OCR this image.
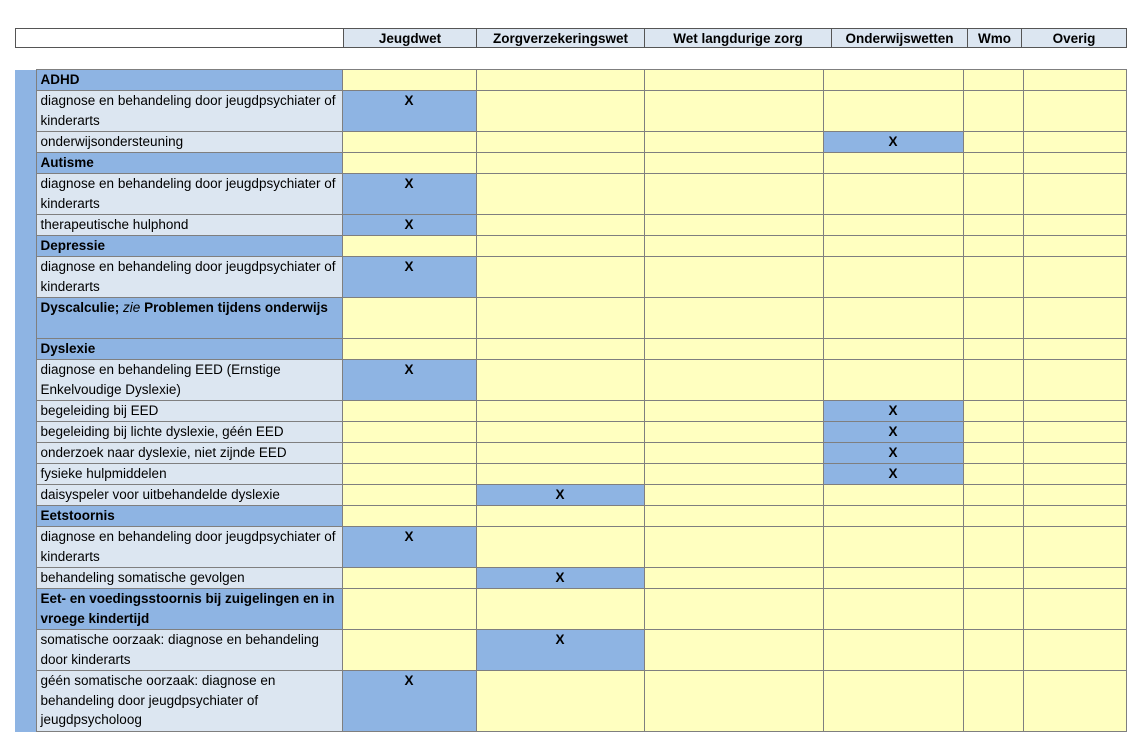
	Jeugdwet	Zorgverzekeringswet	Wet langdurige zorg	Onderwijswetten	Wmo	Overig
	ADHD						
	diagnose en behandeling door jeugdpsychiater of kinderarts	X					
	onderwijsondersteuning				X		
	Autisme						
	diagnose en behandeling door jeugdpsychiater of kinderarts	X					
	therapeutische hulphond	X					
	Depressie						
	diagnose en behandeling door jeugdpsychiater of kinderarts	X					
	Dyscalculie; zie Problemen tijdens onderwijs						
	Dyslexie						
	diagnose en behandeling EED (Ernstige Enkelvoudige Dyslexie)	X					
	begeleiding bij EED				X		
	begeleiding bij lichte dyslexie, géén EED				X		
	onderzoek naar dyslexie, niet zijnde EED				X		
	fysieke hulpmiddelen				X		
	daisyspeler voor uitbehandelde dyslexie		X				
	Eetstoornis						
	diagnose en behandeling door jeugdpsychiater of kinderarts	X					
	behandeling somatische gevolgen		X				
	Eet- en voedingsstoornis bij zuigelingen en in vroege kindertijd						
	somatische oorzaak: diagnose en behandeling door kinderarts		X				
	géén somatische oorzaak: diagnose en behandeling door jeugdpsychiater of jeugdpsycholoog	X					
